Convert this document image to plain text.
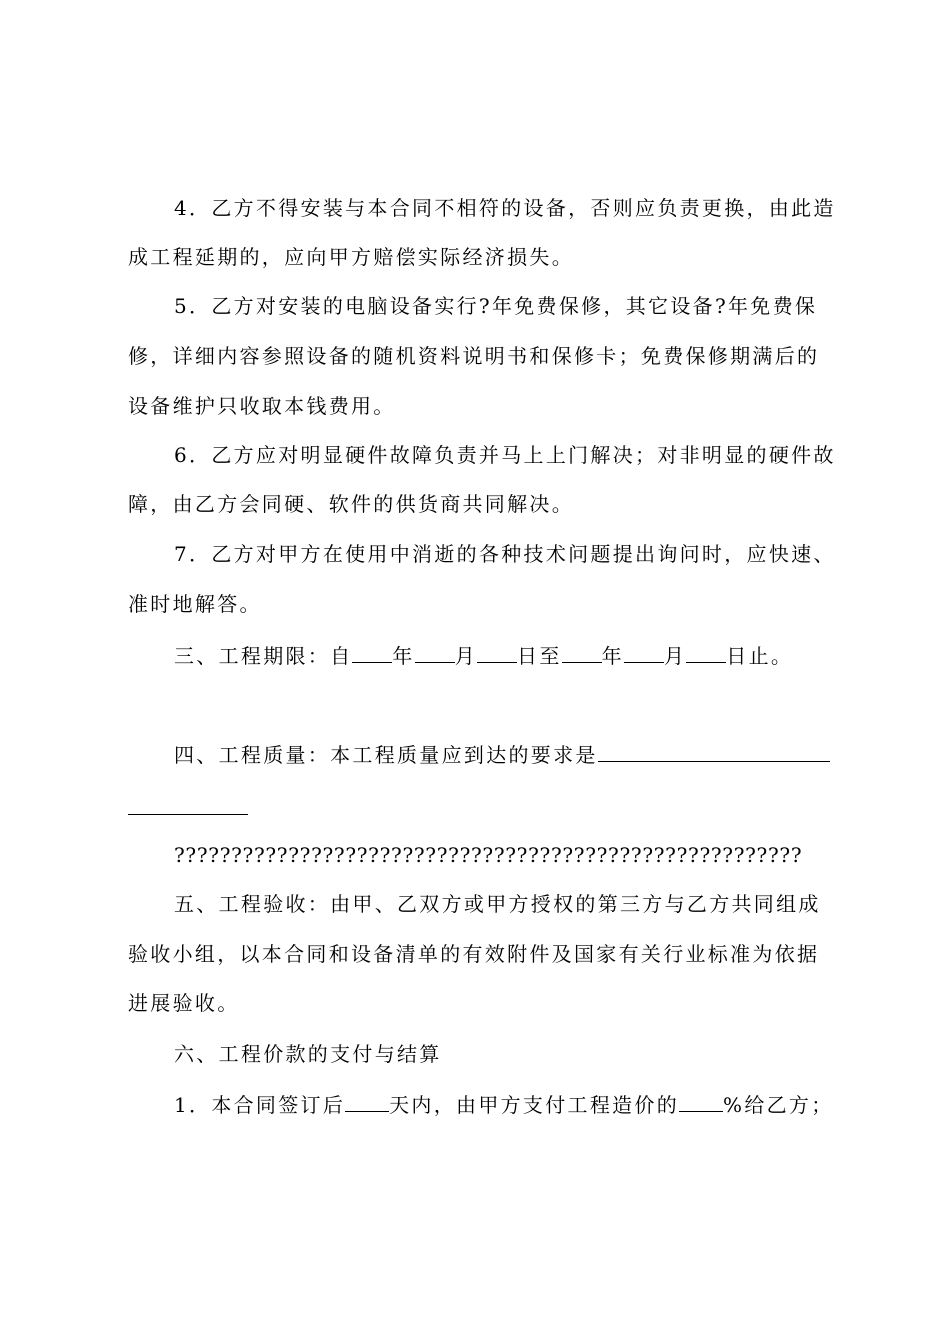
4．乙方不得安装与本合同不相符的设备，否则应负责更换，由此造
成工程延期的，应向甲方赔偿实际经济损失。
5．乙方对安装的电脑设备实行?年免费保修，其它设备?年免费保
修，详细内容参照设备的随机资料说明书和保修卡；免费保修期满后的
设备维护只收取本钱费用。
6．乙方应对明显硬件故障负责并马上上门解决；对非明显的硬件故
障，由乙方会同硬、软件的供货商共同解决。
7．乙方对甲方在使用中消逝的各种技术问题提出询问时，应快速、
准时地解答。
三、工程期限：自 年 月 日至 年 月 日止。
四、工程质量：本工程质量应到达的要求是
???????????????????????????????????????????????????????
五、工程验收：由甲、乙双方或甲方授权的第三方与乙方共同组成
验收小组，以本合同和设备清单的有效附件及国家有关行业标准为依据
进展验收。
六、工程价款的支付与结算
1．本合同签订后 天内，由甲方支付工程造价的 %给乙方；
